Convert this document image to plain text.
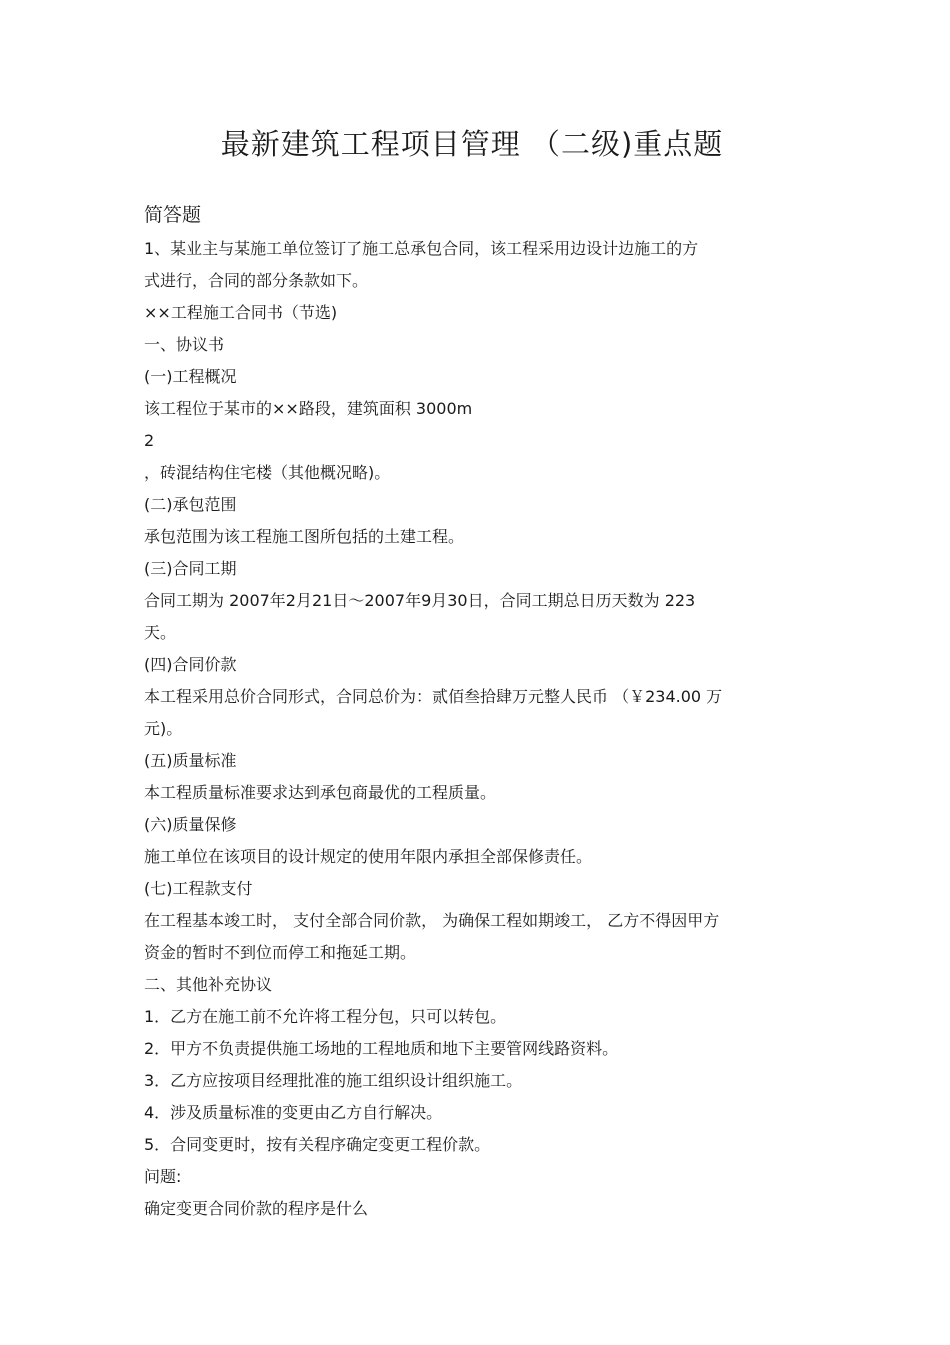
最新建筑工程项目管理 （二级)重点题
简答题
1、某业主与某施工单位签订了施工总承包合同，该工程采用边设计边施工的方
式进行，合同的部分条款如下。
××工程施工合同书（节选)
一、协议书
(一)工程概况
该工程位于某市的××路段，建筑面积 3000m
2
，砖混结构住宅楼（其他概况略)。
(二)承包范围
承包范围为该工程施工图所包括的土建工程。
(三)合同工期
合同工期为 2007年2月21日～2007年9月30日，合同工期总日历天数为 223
天。
(四)合同价款
本工程采用总价合同形式，合同总价为：贰佰叁拾肆万元整人民币 （￥234.00 万
元)。
(五)质量标准
本工程质量标准要求达到承包商最优的工程质量。
(六)质量保修
施工单位在该项目的设计规定的使用年限内承担全部保修责任。
(七)工程款支付
在工程基本竣工时， 支付全部合同价款， 为确保工程如期竣工， 乙方不得因甲方
资金的暂时不到位而停工和拖延工期。
二、其他补充协议
1．乙方在施工前不允许将工程分包，只可以转包。
2．甲方不负责提供施工场地的工程地质和地下主要管网线路资料。
3．乙方应按项目经理批准的施工组织设计组织施工。
4．涉及质量标准的变更由乙方自行解决。
5．合同变更时，按有关程序确定变更工程价款。
问题:
确定变更合同价款的程序是什么
